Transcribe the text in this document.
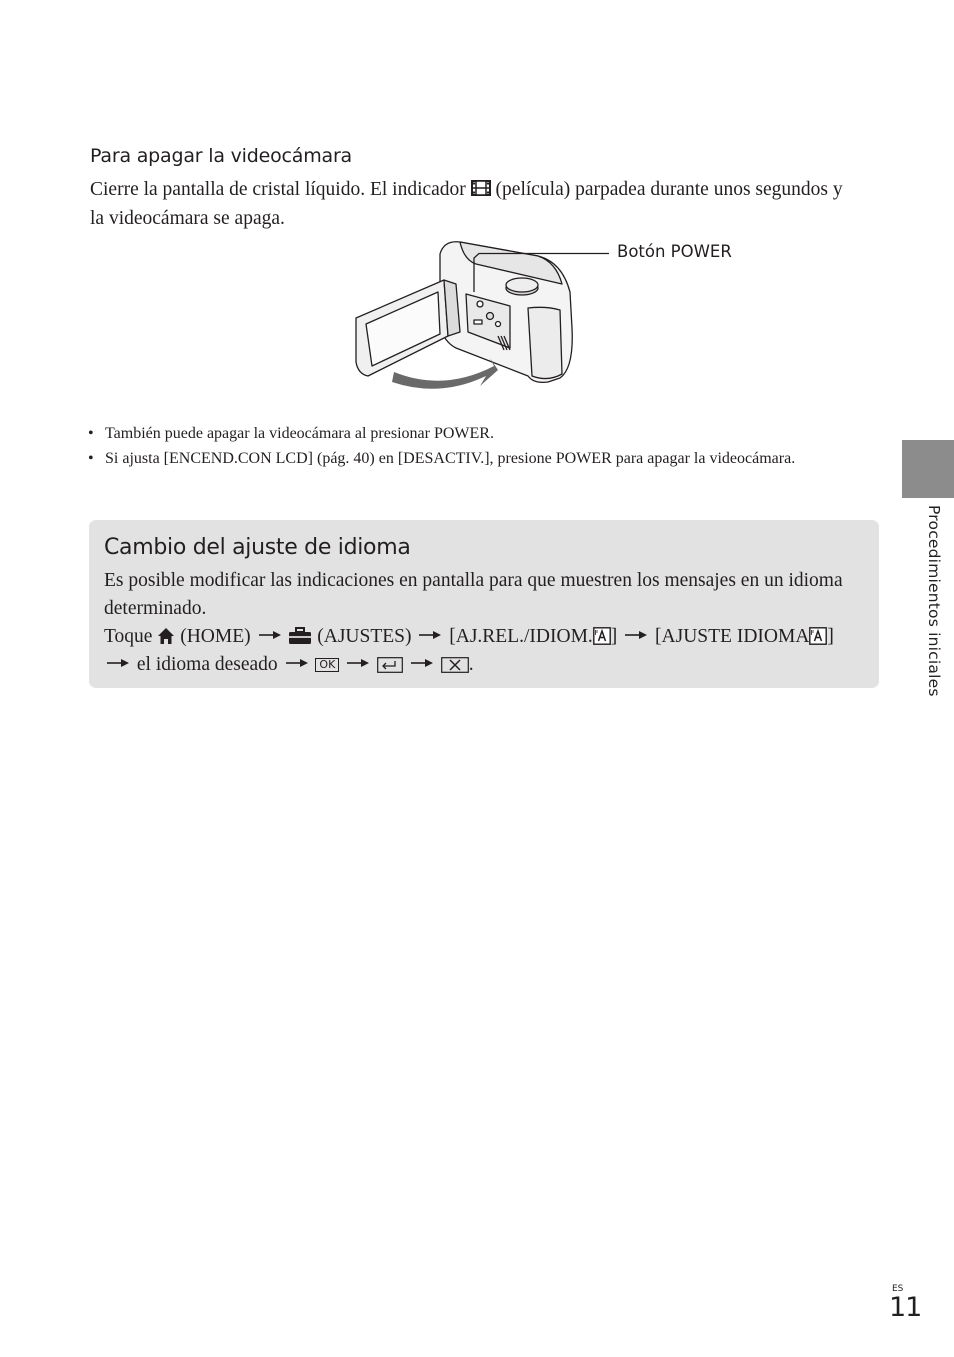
Para apagar la videocámara
Cierre la pantalla de cristal líquido. El indicador (película) parpadea durante unos segundos y la videocámara se apaga.
Botón POWER
• También puede apagar la videocámara al presionar POWER.
• Si ajusta [ENCEND.CON LCD] (pág. 40) en [DESACTIV.], presione POWER para apagar la videocámara.
Cambio del ajuste de idioma
Es posible modificar las indicaciones en pantalla para que muestren los mensajes en un idioma determinado.
Toque (HOME)	(AJUSTES) [AJ.REL./IDIOM. ] [AJUSTE IDIOMA ]
el idioma deseado	OK	.	Procedimientos iniciales
ES
11
